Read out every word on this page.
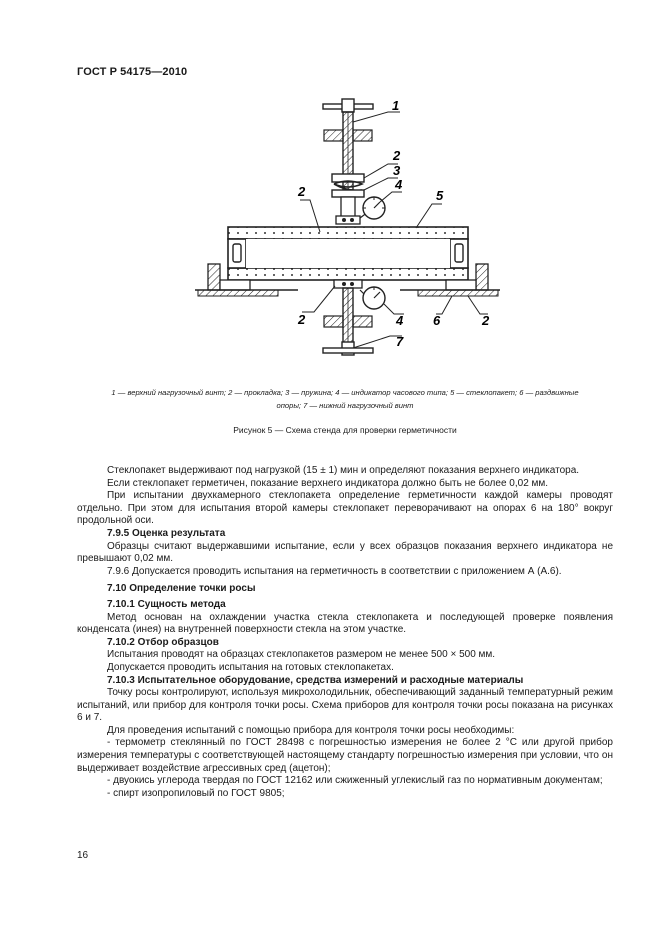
ГОСТ Р 54175—2010
1
2
3
4
2	5
2	4 6	2
7
1 — верхний нагрузочный винт; 2 — прокладка; 3 — пружина; 4 — индикатор часового типа; 5 — стеклопакет; 6 — раздвижные
опоры; 7 — нижний нагрузочный винт
Рисунок 5 — Схема стенда для проверки герметичности

Стеклопакет выдерживают под нагрузкой (15 ± 1) мин и определяют показания верхнего индикатора.

Если стеклопакет герметичен, показание верхнего индикатора должно быть не более 0,02 мм.

При испытании двухкамерного стеклопакета определение герметичности каждой камеры проводят отдельно. При этом для испытания второй камеры стеклопакет переворачивают на опорах 6 на 180° вокруг продольной оси.

7.9.5 Оценка результата

Образцы считают выдержавшими испытание, если у всех образцов показания верхнего индикатора не превышают 0,02 мм.

7.9.6 Допускается проводить испытания на герметичность в соответствии с приложением А (А.6).

7.10 Определение точки росы

7.10.1 Сущность метода

Метод основан на охлаждении участка стекла стеклопакета и последующей проверке появления конденсата (инея) на внутренней поверхности стекла на этом участке.

7.10.2 Отбор образцов

Испытания проводят на образцах стеклопакетов размером не менее 500 × 500 мм.

Допускается проводить испытания на готовых стеклопакетах.

7.10.3 Испытательное оборудование, средства измерений и расходные материалы

Точку росы контролируют, используя микрохолодильник, обеспечивающий заданный температурный режим испытаний, или прибор для контроля точки росы. Схема приборов для контроля точки росы показана на рисунках 6 и 7.

Для проведения испытаний с помощью прибора для контроля точки росы необходимы:

- термометр стеклянный по ГОСТ 28498 с погрешностью измерения не более 2 °С или другой прибор измерения температуры с соответствующей настоящему стандарту погрешностью измерения при условии, что он выдерживает воздействие агрессивных сред (ацетон);

- двуокись углерода твердая по ГОСТ 12162 или сжиженный углекислый газ по нормативным документам;

- спирт изопропиловый по ГОСТ 9805;

16
